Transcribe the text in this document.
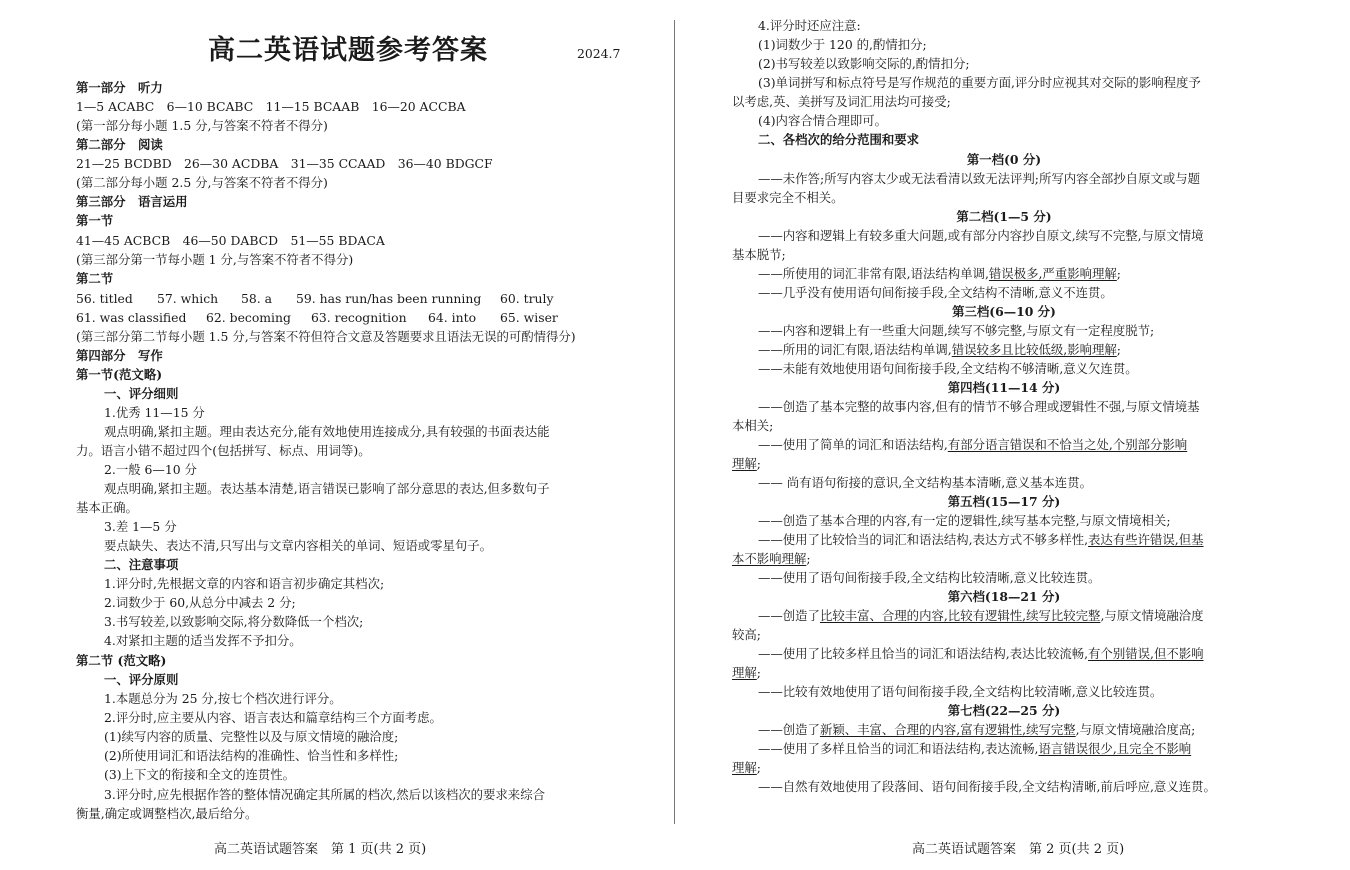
高二英语试题参考答案	2024.7
第一部分　听力
1—5 ACABC　6—10 BCABC　11—15 BCAAB　16—20 ACCBA
(第一部分每小题 1.5 分,与答案不符者不得分)
第二部分　阅读
21—25 BCDBD　26—30 ACDBA　31—35 CCAAD　36—40 BDGCF
(第二部分每小题 2.5 分,与答案不符者不得分)
第三部分　语言运用
第一节
41—45 ACBCB　46—50 DABCD　51—55 BDACA
(第三部分第一节每小题 1 分,与答案不符者不得分)
第二节
(第三部分第二节每小题 1.5 分,与答案不符但符合文意及答题要求且语法无误的可酌情得分)
第四部分　写作
第一节(范文略)
一、评分细则
1.优秀 11—15 分
观点明确,紧扣主题。理由表达充分,能有效地使用连接成分,具有较强的书面表达能
力。语言小错不超过四个(包括拼写、标点、用词等)。
2.一般 6—10 分
观点明确,紧扣主题。表达基本清楚,语言错误已影响了部分意思的表达,但多数句子
基本正确。
3.差 1—5 分
要点缺失、表达不清,只写出与文章内容相关的单词、短语或零星句子。
二、注意事项
1.评分时,先根据文章的内容和语言初步确定其档次;
2.词数少于 60,从总分中减去 2 分;
3.书写较差,以致影响交际,将分数降低一个档次;
4.对紧扣主题的适当发挥不予扣分。
第二节 (范文略)
一、评分原则
1.本题总分为 25 分,按七个档次进行评分。
2.评分时,应主要从内容、语言表达和篇章结构三个方面考虑。
(1)续写内容的质量、完整性以及与原文情境的融洽度;
(2)所使用词汇和语法结构的准确性、恰当性和多样性;
(3)上下文的衔接和全文的连贯性。
3.评分时,应先根据作答的整体情况确定其所属的档次,然后以该档次的要求来综合
衡量,确定或调整档次,最后给分。
56. titled 57. which 58. a 59. has run/has been running 60. truly
61. was classified 62. becoming 63. recognition 64. into 65. wiser
高二英语试题答案　第 1 页(共 2 页)
4.评分时还应注意:
(1)词数少于 120 的,酌情扣分;
(2)书写较差以致影响交际的,酌情扣分;
(3)单词拼写和标点符号是写作规范的重要方面,评分时应视其对交际的影响程度予
以考虑,英、美拼写及词汇用法均可接受;
(4)内容合情合理即可。
二、各档次的给分范围和要求
第一档(0 分)
——未作答;所写内容太少或无法看清以致无法评判;所写内容全部抄自原文或与题
目要求完全不相关。
第二档(1—5 分)
——内容和逻辑上有较多重大问题,或有部分内容抄自原文,续写不完整,与原文情境
基本脱节;
——所使用的词汇非常有限,语法结构单调,错误极多,严重影响理解;
——几乎没有使用语句间衔接手段,全文结构不清晰,意义不连贯。
第三档(6—10 分)
——内容和逻辑上有一些重大问题,续写不够完整,与原文有一定程度脱节;
——所用的词汇有限,语法结构单调,错误较多且比较低级,影响理解;
——未能有效地使用语句间衔接手段,全文结构不够清晰,意义欠连贯。
第四档(11—14 分)
——创造了基本完整的故事内容,但有的情节不够合理或逻辑性不强,与原文情境基
本相关;
——使用了简单的词汇和语法结构,有部分语言错误和不恰当之处,个别部分影响
理解;
—— 尚有语句衔接的意识,全文结构基本清晰,意义基本连贯。
第五档(15—17 分)
——创造了基本合理的内容,有一定的逻辑性,续写基本完整,与原文情境相关;
——使用了比较恰当的词汇和语法结构,表达方式不够多样性,表达有些许错误,但基
本不影响理解;
——使用了语句间衔接手段,全文结构比较清晰,意义比较连贯。
第六档(18—21 分)
——创造了比较丰富、合理的内容,比较有逻辑性,续写比较完整,与原文情境融洽度
较高;
——使用了比较多样且恰当的词汇和语法结构,表达比较流畅,有个别错误,但不影响
理解;
——比较有效地使用了语句间衔接手段,全文结构比较清晰,意义比较连贯。
第七档(22—25 分)
——创造了新颖、丰富、合理的内容,富有逻辑性,续写完整,与原文情境融洽度高;
——使用了多样且恰当的词汇和语法结构,表达流畅,语言错误很少,且完全不影响
理解;
——自然有效地使用了段落间、语句间衔接手段,全文结构清晰,前后呼应,意义连贯。
高二英语试题答案　第 2 页(共 2 页)
